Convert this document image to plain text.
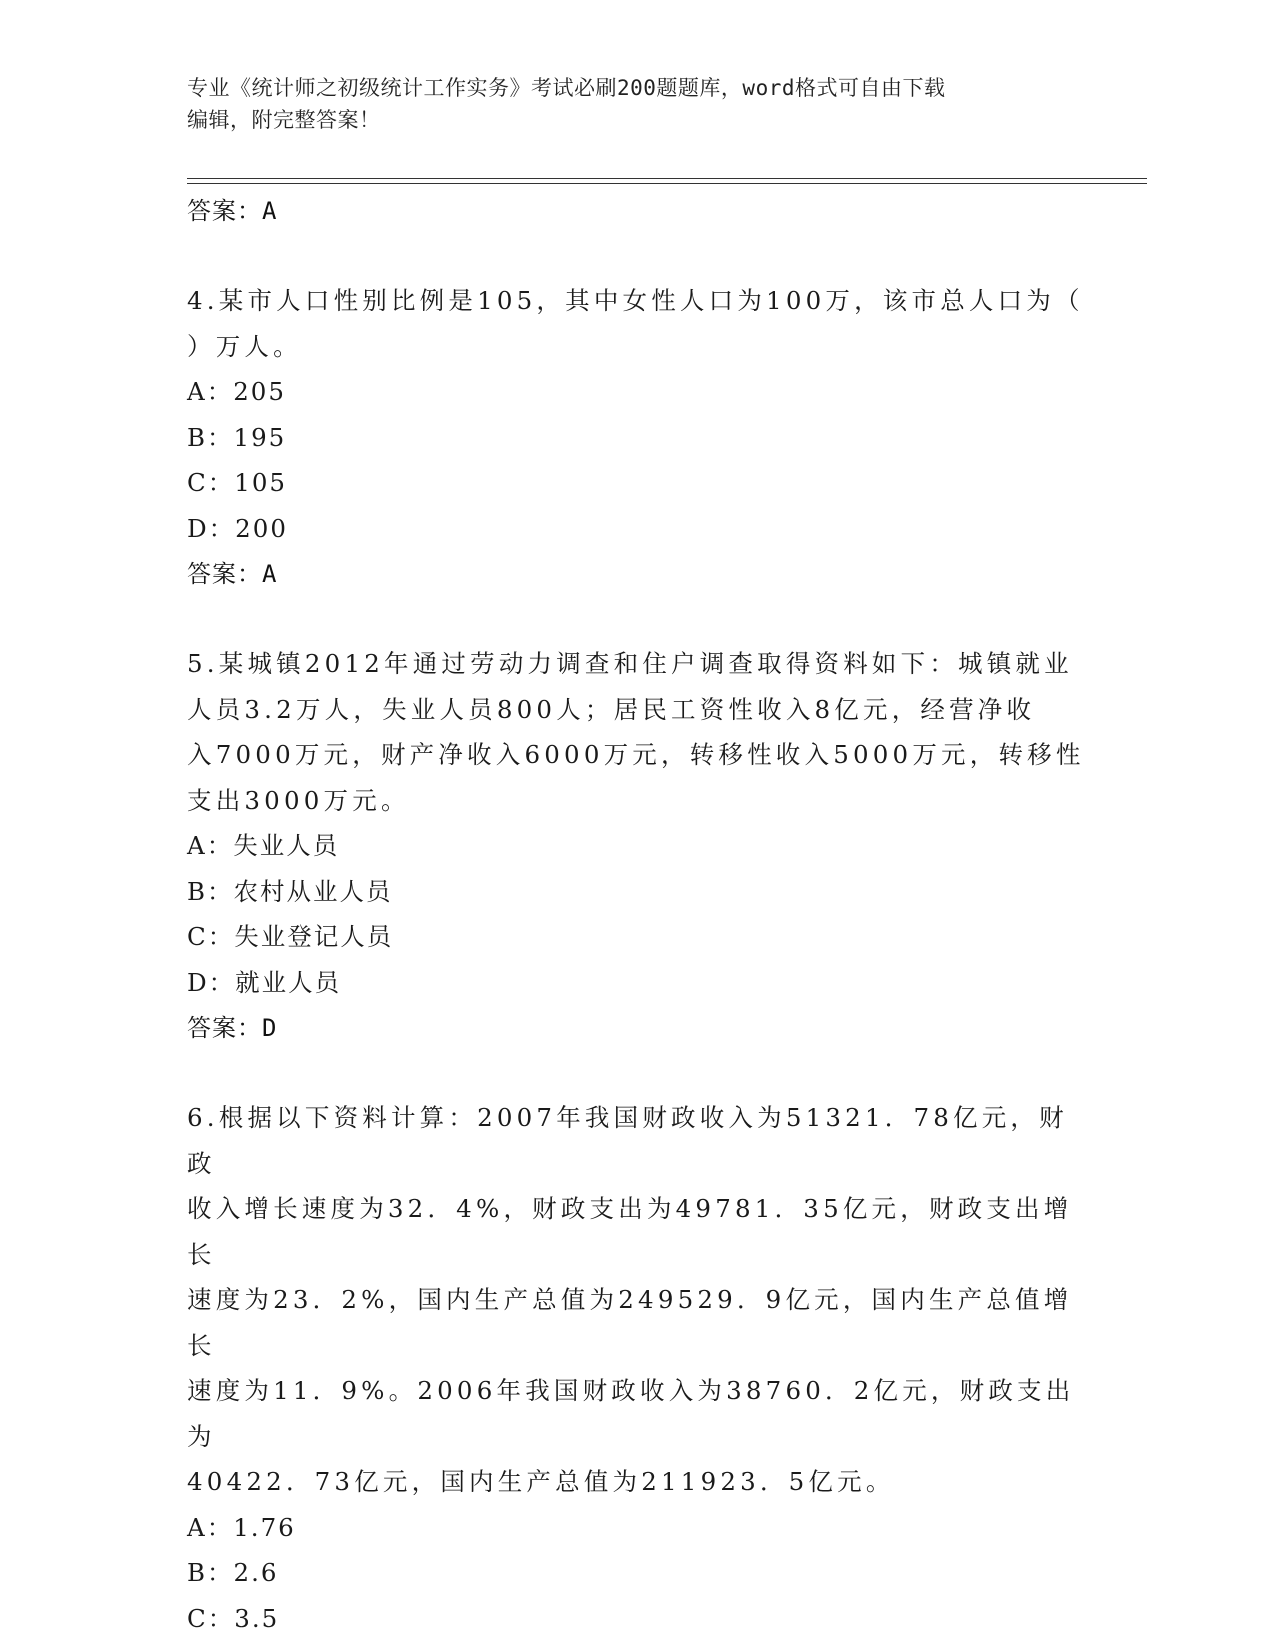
专业《统计师之初级统计工作实务》考试必刷200题题库，word格式可自由下载
编辑，附完整答案！

答案：A

4.某市人口性别比例是105，其中女性人口为100万，该市总人口为（

）万人。

A：205

B：195

C：105

D：200

答案：A

5.某城镇2012年通过劳动力调查和住户调查取得资料如下：城镇就业

人员3.2万人，失业人员800人；居民工资性收入8亿元，经营净收

入7000万元，财产净收入6000万元，转移性收入5000万元，转移性

支出3000万元。

A：失业人员

B：农村从业人员

C：失业登记人员

D：就业人员

答案：D

6.根据以下资料计算：2007年我国财政收入为51321．78亿元，财政

收入增长速度为32．4%，财政支出为49781．35亿元，财政支出增长

速度为23．2%，国内生产总值为249529．9亿元，国内生产总值增长

速度为11．9%。2006年我国财政收入为38760．2亿元，财政支出为

40422．73亿元，国内生产总值为211923．5亿元。

A：1.76

B：2.6

C：3.5
